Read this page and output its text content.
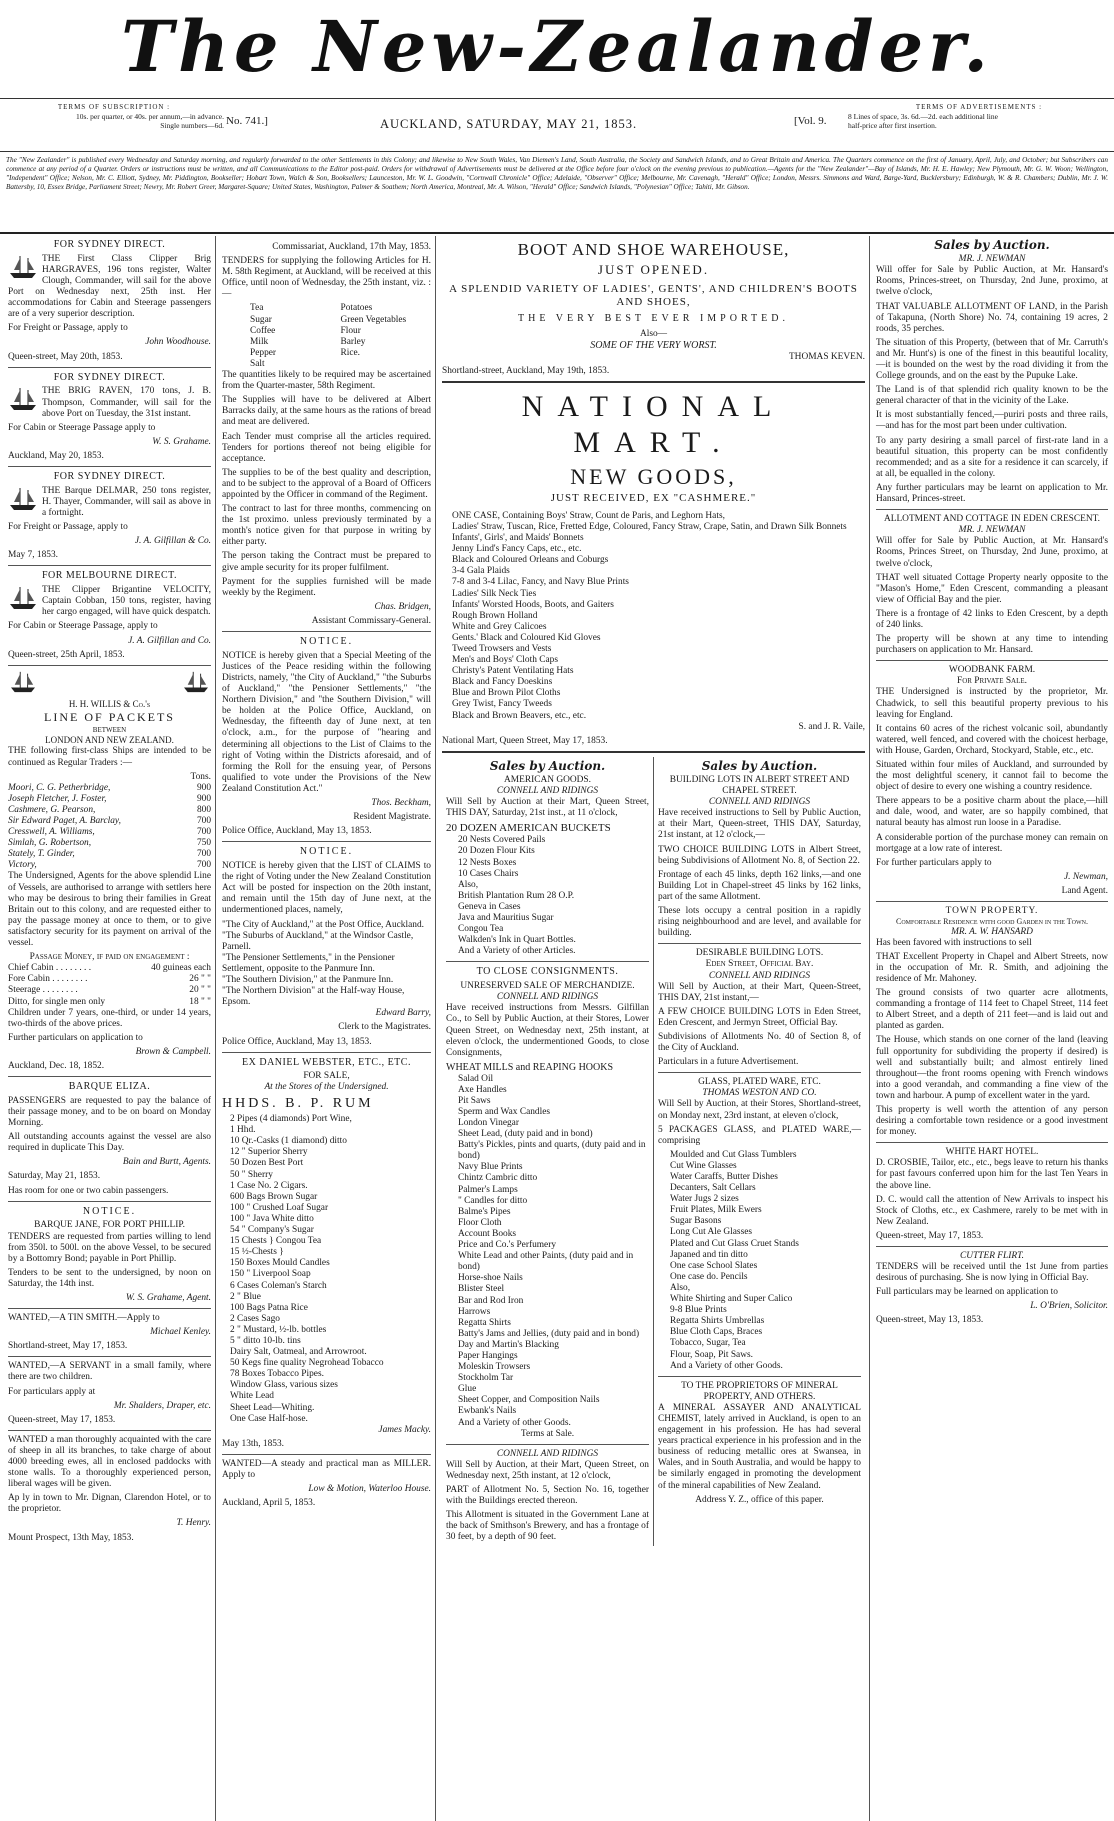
The New-Zealander.
TERMS OF SUBSCRIPTION :
10s. per quarter, or 40s. per annum,—in advance.
Single numbers—6d. No. 741.]	AUCKLAND, SATURDAY, MAY 21, 1853.	[Vol. 9.
TERMS OF ADVERTISEMENTS :
8 Lines of space, 3s. 6d.—2d. each additional line
half-price after first insertion.
The "New Zealander" is published every Wednesday and Saturday morning, and regularly forwarded to the other Settlements in this Colony; and likewise to New South Wales, Van Diemen's Land, South Australia, the Society and Sandwich Islands, and to Great Britain and America. The Quarters commence on the first of January, April, July, and October; but Subscribers can commence at any period of a Quarter. Orders or instructions must be written, and all Communications to the Editor post-paid. Orders for withdrawal of Advertisements must be delivered at the Office before four o'clock on the evening previous to publication.—Agents for the "New Zealander"—Bay of Islands, Mr. H. E. Hawley; New Plymouth, Mr. G. W. Woon; Wellington, "Independent" Office; Nelson, Mr. C. Elliott, Sydney, Mr. Piddington, Bookseller; Hobart Town, Walch & Son, Booksellers; Launceston, Mr. W. L. Goodwin, "Cornwall Chronicle" Office; Adelaide, "Observer" Office; Melbourne, Mr. Cavenagh, "Herald" Office; London, Messrs. Simmons and Ward, Barge-Yard, Bucklersbury; Edinburgh, W. & R. Chambers; Dublin, Mr. J. W. Battersby, 10, Essex Bridge, Parliament Street; Newry, Mr. Robert Greer, Margaret-Square; United States, Washington, Palmer & Soathem; North America, Montreal, Mr. A. Wilson, "Herald" Office; Sandwich Islands, "Polynesian" Office; Tahiti, Mr. Gibson.
FOR SYDNEY DIRECT.

THE First Class Clipper Brig HARGRAVES, 196 tons register, Walter Clough, Commander, will sail for the above Port on Wednesday next, 25th inst. Her accommodations for Cabin and Steerage passengers are of a very superior description.

For Freight or Passage, apply to

John Woodhouse.

Queen-street, May 20th, 1853.

FOR SYDNEY DIRECT.

THE BRIG RAVEN, 170 tons, J. B. Thompson, Commander, will sail for the above Port on Tuesday, the 31st instant.

For Cabin or Steerage Passage apply to

W. S. Grahame.

Auckland, May 20, 1853.

FOR SYDNEY DIRECT.

THE Barque DELMAR, 250 tons register, H. Thayer, Commander, will sail as above in a fortnight.

For Freight or Passage, apply to

J. A. Gilfillan & Co.

May 7, 1853.

FOR MELBOURNE DIRECT.

THE Clipper Brigantine VELOCITY, Captain Cobban, 150 tons, register, having her cargo engaged, will have quick despatch.

For Cabin or Steerage Passage, apply to

J. A. Gilfillan and Co.

Queen-street, 25th April, 1853.

H. H. WILLIS & Co.'s
LINE OF PACKETS
BETWEEN
LONDON AND NEW ZEALAND.

THE following first-class Ships are intended to be continued as Regular Traders :—

Tons.
Moori, C. G. Petherbridge,	900
Joseph Fletcher, J. Foster,	900
Cashmere, G. Pearson,	800
Sir Edward Paget, A. Barclay,	700
Cresswell, A. Williams,	700
Simlah, G. Robertson,	750
Stately, T. Ginder,	700
Victory,	700

The Undersigned, Agents for the above splendid Line of Vessels, are authorised to arrange with settlers here who may be desirous to bring their families in Great Britain out to this colony, and are requested either to pay the passage money at once to them, or to give satisfactory security for its payment on arrival of the vessel.

Passage Money, if paid on engagement :
Chief Cabin . . . . . . . .	40 guineas each
Fore Cabin . . . . . . . .	26 " "
Steerage . . . . . . . .	20 " "
Ditto, for single men only	18 " "

Children under 7 years, one-third, or under 14 years, two-thirds of the above prices.

Further particulars on application to

Brown & Campbell.

Auckland, Dec. 18, 1852.

BARQUE ELIZA.

PASSENGERS are requested to pay the balance of their passage money, and to be on board on Monday Morning.

All outstanding accounts against the vessel are also required in duplicate This Day.

Bain and Burtt, Agents.

Saturday, May 21, 1853.

Has room for one or two cabin passengers.

NOTICE.
BARQUE JANE, FOR PORT PHILLIP.

TENDERS are requested from parties willing to lend from 350l. to 500l. on the above Vessel, to be secured by a Bottomry Bond; payable in Port Phillip.

Tenders to be sent to the undersigned, by noon on Saturday, the 14th inst.

W. S. Grahame, Agent.

WANTED,—A TIN SMITH.—Apply to

Michael Kenley.

Shortland-street, May 17, 1853.

WANTED,—A SERVANT in a small family, where there are two children.

For particulars apply at

Mr. Shalders, Draper, etc.

Queen-street, May 17, 1853.

WANTED a man thoroughly acquainted with the care of sheep in all its branches, to take charge of about 4000 breeding ewes, all in enclosed paddocks with stone walls. To a thoroughly experienced person, liberal wages will be given.

Ap ly in town to Mr. Dignan, Clarendon Hotel, or to the proprietor.

T. Henry.

Mount Prospect, 13th May, 1853.

Commissariat, Auckland, 17th May, 1853.

TENDERS for supplying the following Articles for H. M. 58th Regiment, at Auckland, will be received at this Office, until noon of Wednesday, the 25th instant, viz. :—

Tea	Potatoes
Sugar	Green Vegetables
Coffee	Flour
Milk	Barley
Pepper	Rice.
Salt

The quantities likely to be required may be ascertained from the Quarter-master, 58th Regiment.

The Supplies will have to be delivered at Albert Barracks daily, at the same hours as the rations of bread and meat are delivered.

Each Tender must comprise all the articles required. Tenders for portions thereof not being eligible for acceptance.

The supplies to be of the best quality and description, and to be subject to the approval of a Board of Officers appointed by the Officer in command of the Regiment.

The contract to last for three months, commencing on the 1st proximo. unless previously terminated by a month's notice given for that purpose in writing by either party.

The person taking the Contract must be prepared to give ample security for its proper fulfilment.

Payment for the supplies furnished will be made weekly by the Regiment.

Chas. Bridgen,

Assistant Commissary-General.

NOTICE.

NOTICE is hereby given that a Special Meeting of the Justices of the Peace residing within the following Districts, namely, "the City of Auckland," "the Suburbs of Auckland," "the Pensioner Settlements," "the Northern Division," and "the Southern Division," will be holden at the Police Office, Auckland, on Wednesday, the fifteenth day of June next, at ten o'clock, a.m., for the purpose of "hearing and determining all objections to the List of Claims to the right of Voting within the Districts aforesaid, and of forming the Roll for the ensuing year, of Persons qualified to vote under the Provisions of the New Zealand Constitution Act."

Thos. Beckham,

Resident Magistrate.

Police Office, Auckland, May 13, 1853.

NOTICE.

NOTICE is hereby given that the LIST of CLAIMS to the right of Voting under the New Zealand Constitution Act will be posted for inspection on the 20th instant, and remain until the 15th day of June next, at the undermentioned places, namely,

"The City of Auckland," at the Post Office, Auckland.
"The Suburbs of Auckland," at the Windsor Castle, Parnell.
"The Pensioner Settlements," in the Pensioner Settlement, opposite to the Panmure Inn.
"The Southern Division," at the Panmure Inn.
"The Northern Division" at the Half-way House, Epsom.

Edward Barry,

Clerk to the Magistrates.

Police Office, Auckland, May 13, 1853.

EX DANIEL WEBSTER, ETC., ETC.
FOR SALE,
At the Stores of the Undersigned.
HHDS. B. P. RUM
2 Pipes (4 diamonds) Port Wine,
1 Hhd.
10 Qr.-Casks (1 diamond) ditto
12 " Superior Sherry
50 Dozen Best Port
50 " Sherry
1 Case No. 2 Cigars.
600 Bags Brown Sugar
100 " Crushed Loaf Sugar
100 " Java White ditto
54 " Company's Sugar
15 Chests } Congou Tea
15 ½-Chests }
150 Boxes Mould Candles
150 " Liverpool Soap
6 Cases Coleman's Starch
2 " Blue
100 Bags Patna Rice
2 Cases Sago
2 " Mustard, ½-lb. bottles
5 " ditto 10-lb. tins
Dairy Salt, Oatmeal, and Arrowroot.
50 Kegs fine quality Negrohead Tobacco
78 Boxes Tobacco Pipes.
Window Glass, various sizes
White Lead
Sheet Lead—Whiting.
One Case Half-hose.

James Macky.

May 13th, 1853.

WANTED—A steady and practical man as MILLER. Apply to

Low & Motion, Waterloo House.

Auckland, April 5, 1853.

BOOT AND SHOE WAREHOUSE,
JUST OPENED.
A SPLENDID VARIETY OF LADIES', GENTS', AND CHILDREN'S BOOTS AND SHOES,
THE VERY BEST EVER IMPORTED.
Also—
SOME OF THE VERY WORST.

THOMAS KEVEN.

Shortland-street, Auckland, May 19th, 1853.

NATIONAL MART.
NEW GOODS,
JUST RECEIVED, EX "CASHMERE."
ONE CASE, Containing Boys' Straw, Count de Paris, and Leghorn Hats,
Ladies' Straw, Tuscan, Rice, Fretted Edge, Coloured, Fancy Straw, Crape, Satin, and Drawn Silk Bonnets
Infants', Girls', and Maids' Bonnets
Jenny Lind's Fancy Caps, etc., etc.
Black and Coloured Orleans and Coburgs
3-4 Gala Plaids
7-8 and 3-4 Lilac, Fancy, and Navy Blue Prints
Ladies' Silk Neck Ties
Infants' Worsted Hoods, Boots, and Gaiters
Rough Brown Holland
White and Grey Calicoes
Gents.' Black and Coloured Kid Gloves
Tweed Trowsers and Vests
Men's and Boys' Cloth Caps
Christy's Patent Ventilating Hats
Black and Fancy Doeskins
Blue and Brown Pilot Cloths
Grey Twist, Fancy Tweeds
Black and Brown Beavers, etc., etc.

S. and J. R. Vaile,

National Mart, Queen Street, May 17, 1853.

Sales by Auction.
AMERICAN GOODS.
CONNELL AND RIDINGS

Will Sell by Auction at their Mart, Queen Street, THIS DAY, Saturday, 21st inst., at 11 o'clock,

20 DOZEN AMERICAN BUCKETS
20 Nests Covered Pails
20 Dozen Flour Kits
12 Nests Boxes
10 Cases Chairs
Also,
British Plantation Rum 28 O.P.
Geneva in Cases
Java and Mauritius Sugar
Congou Tea
Walkden's Ink in Quart Bottles.
And a Variety of other Articles.
TO CLOSE CONSIGNMENTS.
UNRESERVED SALE OF MERCHANDIZE.
CONNELL AND RIDINGS

Have received instructions from Messrs. Gilfillan Co., to Sell by Public Auction, at their Stores, Lower Queen Street, on Wednesday next, 25th instant, at eleven o'clock, the undermentioned Goods, to close Consignments,

WHEAT MILLS and REAPING HOOKS
Salad Oil
Axe Handles
Pit Saws
Sperm and Wax Candles
London Vinegar
Sheet Lead, (duty paid and in bond)
Batty's Pickles, pints and quarts, (duty paid and in bond)
Navy Blue Prints
Chintz Cambric ditto
Palmer's Lamps
" Candles for ditto
Balme's Pipes
Floor Cloth
Account Books
Price and Co.'s Perfumery
White Lead and other Paints, (duty paid and in bond)
Horse-shoe Nails
Blister Steel
Bar and Rod Iron
Harrows
Regatta Shirts
Batty's Jams and Jellies, (duty paid and in bond)
Day and Martin's Blacking
Paper Hangings
Moleskin Trowsers
Stockholm Tar
Glue
Sheet Copper, and Composition Nails
Ewbank's Nails
And a Variety of other Goods.
Terms at Sale.
CONNELL AND RIDINGS

Will Sell by Auction, at their Mart, Queen Street, on Wednesday next, 25th instant, at 12 o'clock,

PART of Allotment No. 5, Section No. 16, together with the Buildings erected thereon.

This Allotment is situated in the Government Lane at the back of Smithson's Brewery, and has a frontage of 30 feet, by a depth of 90 feet.

Sales by Auction.
BUILDING LOTS IN ALBERT STREET AND CHAPEL STREET.
CONNELL AND RIDINGS

Have received instructions to Sell by Public Auction, at their Mart, Queen-street, THIS DAY, Saturday, 21st instant, at 12 o'clock,—

TWO CHOICE BUILDING LOTS in Albert Street, being Subdivisions of Allotment No. 8, of Section 22.

Frontage of each 45 links, depth 162 links,—and one Building Lot in Chapel-street 45 links by 162 links, part of the same Allotment.

These lots occupy a central position in a rapidly rising neighbourhood and are level, and available for building.

DESIRABLE BUILDING LOTS.
Eden Street, Official Bay.
CONNELL AND RIDINGS

Will Sell by Auction, at their Mart, Queen-Street, THIS DAY, 21st instant,—

A FEW CHOICE BUILDING LOTS in Eden Street, Eden Crescent, and Jermyn Street, Official Bay.

Subdivisions of Allotments No. 40 of Section 8, of the City of Auckland.

Particulars in a future Advertisement.

GLASS, PLATED WARE, ETC.
THOMAS WESTON AND CO.

Will Sell by Auction, at their Stores, Shortland-street, on Monday next, 23rd instant, at eleven o'clock,

5 PACKAGES GLASS, and PLATED WARE,—comprising

Moulded and Cut Glass Tumblers
Cut Wine Glasses
Water Caraffs, Butter Dishes
Decanters, Salt Cellars
Water Jugs 2 sizes
Fruit Plates, Milk Ewers
Sugar Basons
Long Cut Ale Glasses
Plated and Cut Glass Cruet Stands
Japaned and tin ditto
One case School Slates
One case do. Pencils
Also,
White Shirting and Super Calico
9-8 Blue Prints
Regatta Shirts Umbrellas
Blue Cloth Caps, Braces
Tobacco, Sugar, Tea
Flour, Soap, Pit Saws.
And a Variety of other Goods.
TO THE PROPRIETORS OF MINERAL PROPERTY, AND OTHERS.

A MINERAL ASSAYER AND ANALYTICAL CHEMIST, lately arrived in Auckland, is open to an engagement in his profession. He has had several years practical experience in his profession and in the business of reducing metallic ores at Swansea, in Wales, and in South Australia, and would be happy to be similarly engaged in promoting the development of the mineral capabilities of New Zealand.

Address Y. Z., office of this paper.

Sales by Auction.
MR. J. NEWMAN

Will offer for Sale by Public Auction, at Mr. Hansard's Rooms, Princes-street, on Thursday, 2nd June, proximo, at twelve o'clock,

THAT VALUABLE ALLOTMENT OF LAND, in the Parish of Takapuna, (North Shore) No. 74, containing 19 acres, 2 roods, 35 perches.

The situation of this Property, (between that of Mr. Carruth's and Mr. Hunt's) is one of the finest in this beautiful locality,—it is bounded on the west by the road dividing it from the College grounds, and on the east by the Pupuke Lake.

The Land is of that splendid rich quality known to be the general character of that in the vicinity of the Lake.

It is most substantially fenced,—puriri posts and three rails,—and has for the most part been under cultivation.

To any party desiring a small parcel of first-rate land in a beautiful situation, this property can be most confidently recommended; and as a site for a residence it can scarcely, if at all, be equalled in the colony.

Any further particulars may be learnt on application to Mr. Hansard, Princes-street.

ALLOTMENT AND COTTAGE IN EDEN CRESCENT.
MR. J. NEWMAN

Will offer for Sale by Public Auction, at Mr. Hansard's Rooms, Princes Street, on Thursday, 2nd June, proximo, at twelve o'clock,

THAT well situated Cottage Property nearly opposite to the "Mason's Home," Eden Crescent, commanding a pleasant view of Official Bay and the pier.

There is a frontage of 42 links to Eden Crescent, by a depth of 240 links.

The property will be shown at any time to intending purchasers on application to Mr. Hansard.

WOODBANK FARM.
For Private Sale.

THE Undersigned is instructed by the proprietor, Mr. Chadwick, to sell this beautiful property previous to his leaving for England.

It contains 60 acres of the richest volcanic soil, abundantly watered, well fenced, and covered with the choicest herbage, with House, Garden, Orchard, Stockyard, Stable, etc., etc.

Situated within four miles of Auckland, and surrounded by the most delightful scenery, it cannot fail to become the object of desire to every one wishing a country residence.

There appears to be a positive charm about the place,—hill and dale, wood, and water, are so happily combined, that natural beauty has almost run loose in a Paradise.

A considerable portion of the purchase money can remain on mortgage at a low rate of interest.

For further particulars apply to

J. Newman,

Land Agent.

TOWN PROPERTY.
Comfortable Residence with good Garden in the Town.
MR. A. W. HANSARD

Has been favored with instructions to sell

THAT Excellent Property in Chapel and Albert Streets, now in the occupation of Mr. R. Smith, and adjoining the residence of Mr. Mahoney.

The ground consists of two quarter acre allotments, commanding a frontage of 114 feet to Chapel Street, 114 feet to Albert Street, and a depth of 211 feet—and is laid out and planted as garden.

The House, which stands on one corner of the land (leaving full opportunity for subdividing the property if desired) is well and substantially built; and almost entirely lined throughout—the front rooms opening with French windows into a good verandah, and commanding a fine view of the town and harbour. A pump of excellent water in the yard.

This property is well worth the attention of any person desiring a comfortable town residence or a good investment for money.

WHITE HART HOTEL.

D. CROSBIE, Tailor, etc., etc., begs leave to return his thanks for past favours conferred upon him for the last Ten Years in the above line.

D. C. would call the attention of New Arrivals to inspect his Stock of Cloths, etc., ex Cashmere, rarely to be met with in New Zealand.

Queen-street, May 17, 1853.

CUTTER FLIRT.

TENDERS will be received until the 1st June from parties desirous of purchasing. She is now lying in Official Bay.

Full particulars may be learned on application to

L. O'Brien, Solicitor.

Queen-street, May 13, 1853.
